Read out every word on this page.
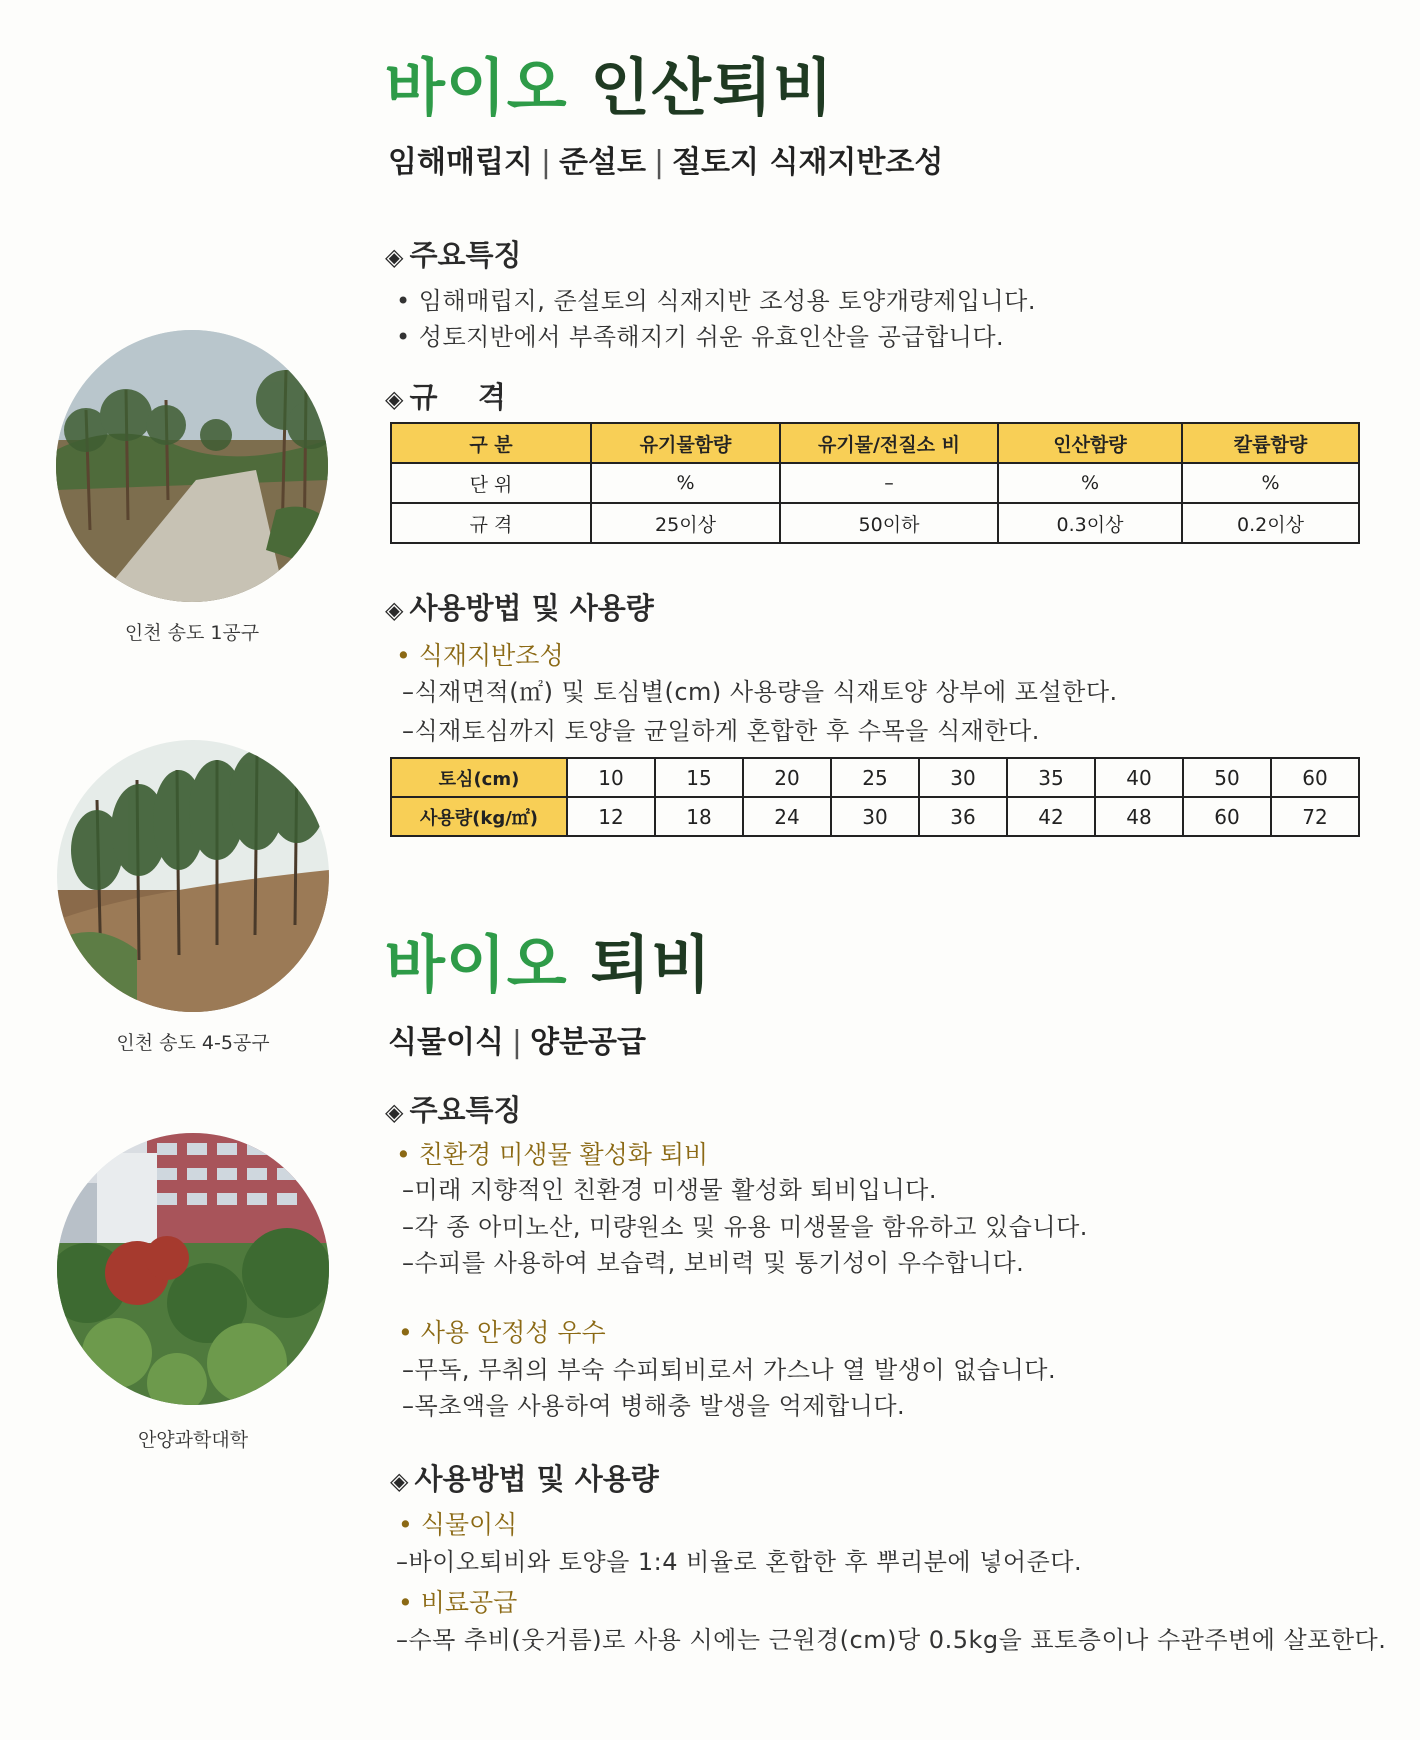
인천 송도 1공구
인천 송도 4-5공구
안양과학대학
바이오 인산퇴비
임해매립지 | 준설토 | 절토지 식재지반조성
◈ 주요특징
• 임해매립지, 준설토의 식재지반 조성용 토양개량제입니다.
• 성토지반에서 부족해지기 쉬운 유효인산을 공급합니다.
◈ 규    격
구 분	유기물함량	유기물/전질소 비	인산함량	칼륨함량
단 위	%	–	%	%
규 격	25이상	50이하	0.3이상	0.2이상
◈ 사용방법 및 사용량
• 식재지반조성
–식재면적(㎡) 및 토심별(cm) 사용량을 식재토양 상부에 포설한다.
–식재토심까지 토양을 균일하게 혼합한 후 수목을 식재한다.
토심(cm)	10	15	20	25	30	35	40	50	60
사용량(kg/㎡)	12	18	24	30	36	42	48	60	72
바이오 퇴비
식물이식 | 양분공급
◈ 주요특징
• 친환경 미생물 활성화 퇴비
–미래 지향적인 친환경 미생물 활성화 퇴비입니다.
–각 종 아미노산, 미량원소 및 유용 미생물을 함유하고 있습니다.
–수피를 사용하여 보습력, 보비력 및 통기성이 우수합니다.
• 사용 안정성 우수
–무독, 무취의 부숙 수피퇴비로서 가스나 열 발생이 없습니다.
–목초액을 사용하여 병해충 발생을 억제합니다.
◈ 사용방법 및 사용량
• 식물이식
–바이오퇴비와 토양을 1:4 비율로 혼합한 후 뿌리분에 넣어준다.
• 비료공급
–수목 추비(웃거름)로 사용 시에는 근원경(cm)당 0.5kg을 표토층이나 수관주변에 살포한다.
